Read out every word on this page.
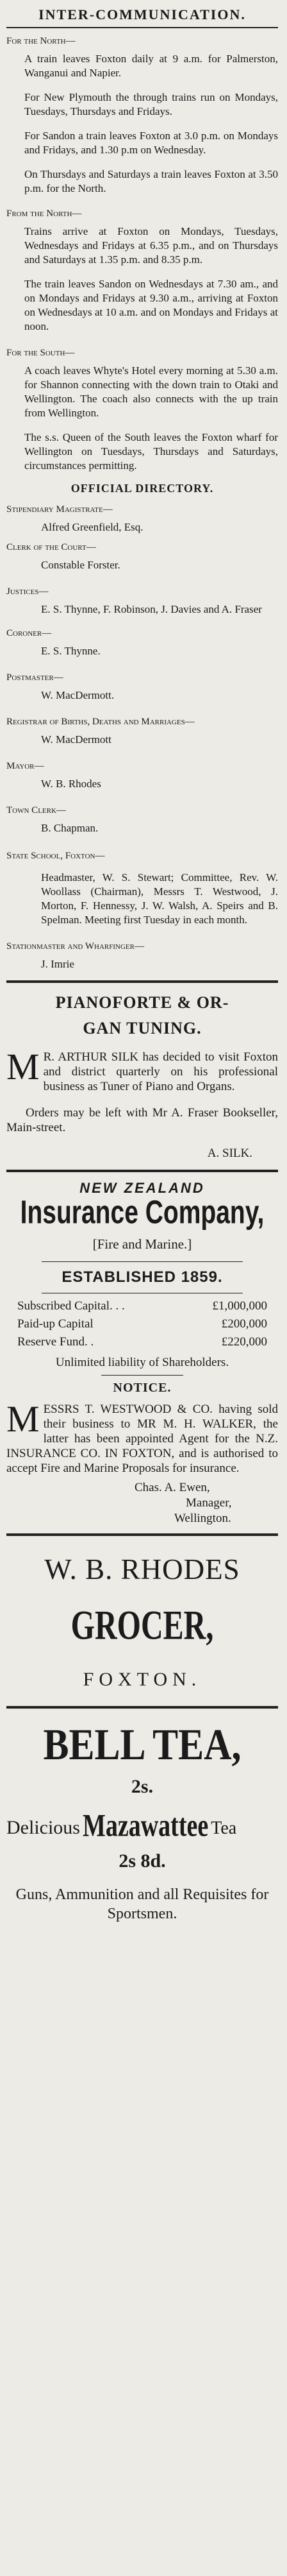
INTER-COMMUNICATION.
For the North—

A train leaves Foxton daily at 9 a.m. for Palmerston, Wanganui and Napier.

For New Plymouth the through trains run on Mondays, Tuesdays, Thursdays and Fridays.

For Sandon a train leaves Foxton at 3.0 p.m. on Mondays and Fridays, and 1.30 p.m on Wednesday.

On Thursdays and Saturdays a train leaves Foxton at 3.50 p.m. for the North.

From the North—

Trains arrive at Foxton on Mondays, Tuesdays, Wednesdays and Fridays at 6.35 p.m., and on Thursdays and Saturdays at 1.35 p.m. and 8.35 p.m.

The train leaves Sandon on Wednesdays at 7.30 am., and on Mondays and Fridays at 9.30 a.m., arriving at Foxton on Wednesdays at 10 a.m. and on Mondays and Fridays at noon.

For the South—

A coach leaves Whyte's Hotel every morning at 5.30 a.m. for Shannon connecting with the down train to Otaki and Wellington. The coach also connects with the up train from Wellington.

The s.s. Queen of the South leaves the Foxton wharf for Wellington on Tuesdays, Thursdays and Saturdays, circumstances permitting.

OFFICIAL DIRECTORY.
Stipendiary Magistrate—

Alfred Greenfield, Esq.

Clerk of the Court—

Constable Forster.

Justices—

E. S. Thynne, F. Robinson, J. Davies and A. Fraser

Coroner—

E. S. Thynne.

Postmaster—

W. MacDermott.

Registrar of Births, Deaths and Marriages—

W. MacDermott

Mayor—

W. B. Rhodes

Town Clerk—

B. Chapman.

State School, Foxton—

Headmaster, W. S. Stewart; Committee, Rev. W. Woollass (Chairman), Messrs T. Westwood, J. Morton, F. Hennessy, J. W. Walsh, A. Speirs and B. Spelman. Meeting first Tuesday in each month.

Stationmaster and Wharfinger—

J. Imrie

PIANOFORTE & OR-
GAN TUNING.

M R. ARTHUR SILK has decided to visit Foxton and district quarterly on his professional business as Tuner of Piano and Organs.

Orders may be left with Mr A. Fraser Bookseller, Main-street.

A. SILK.

NEW ZEALAND
Insurance Company,
[Fire and Marine.]
ESTABLISHED 1859.
Subscribed Capital. . .	£1,000,000
Paid-up Capital	£200,000
Reserve Fund. .	£220,000

Unlimited liability of Shareholders.

NOTICE.

MESSRS T. WESTWOOD & CO. having sold their business to MR M. H. WALKER, the latter has been appointed Agent for the N.Z. INSURANCE CO. IN FOXTON, and is authorised to accept Fire and Marine Proposals for insurance.

Chas. A. Ewen,

Manager,

Wellington.

W. B. RHODES
GROCER,
FOXTON.
BELL TEA,
2s.
Delicious Mazawattee Tea
2s 8d.

Guns, Ammunition and all Requisites for Sportsmen.
